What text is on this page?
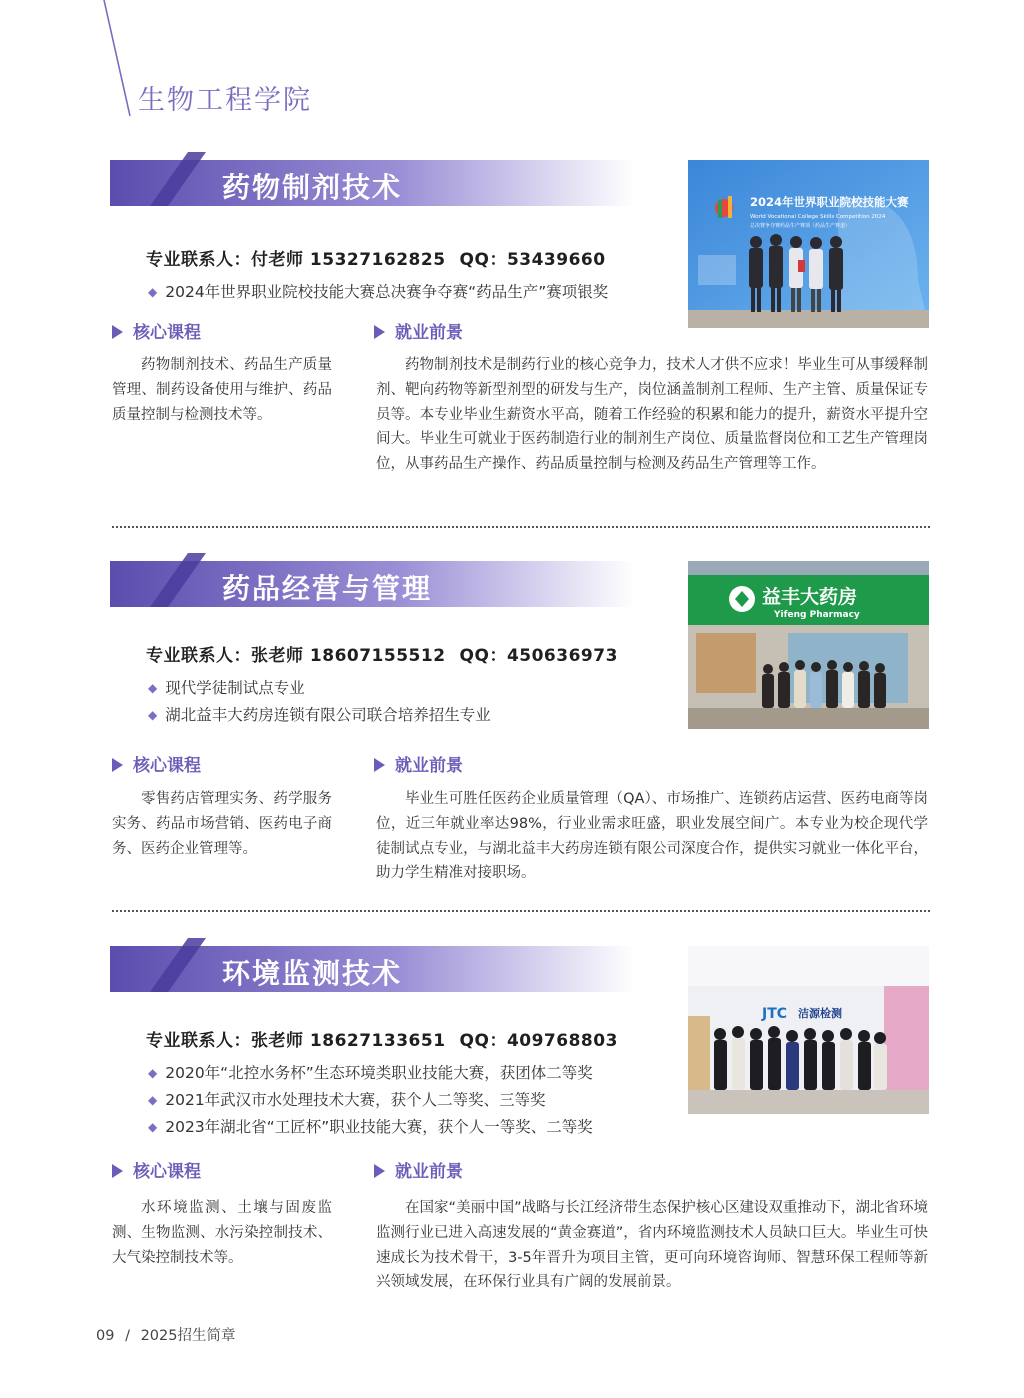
生物工程学院
药物制剂技术
专业联系人：付老师 15327162825 QQ：53439660
◆ 2024年世界职业院校技能大赛总决赛争夺赛“药品生产”赛项银奖
核心课程	就业前景

药物制剂技术、药品生产质量管理、制药设备使用与维护、药品质量控制与检测技术等。

药物制剂技术是制药行业的核心竞争力，技术人才供不应求！毕业生可从事缓释制剂、靶向药物等新型剂型的研发与生产，岗位涵盖制剂工程师、生产主管、质量保证专员等。本专业毕业生薪资水平高，随着工作经验的积累和能力的提升，薪资水平提升空间大。毕业生可就业于医药制造行业的制剂生产岗位、质量监督岗位和工艺生产管理岗位，从事药品生产操作、药品质量控制与检测及药品生产管理等工作。

2024年世界职业院校技能大赛
World Vocational College Skills Competition 2024
总决赛争夺赛药品生产赛项（药品生产赛道）
药品经营与管理
专业联系人：张老师 18607155512 QQ：450636973
◆ 现代学徒制试点专业
◆ 湖北益丰大药房连锁有限公司联合培养招生专业
核心课程	就业前景

零售药店管理实务、药学服务实务、药品市场营销、医药电子商务、医药企业管理等。

毕业生可胜任医药企业质量管理（QA）、市场推广、连锁药店运营、医药电商等岗位，近三年就业率达98%，行业业需求旺盛，职业发展空间广。本专业为校企现代学徒制试点专业，与湖北益丰大药房连锁有限公司深度合作，提供实习就业一体化平台，助力学生精准对接职场。

益丰大药房
Yifeng Pharmacy
环境监测技术
专业联系人：张老师 18627133651 QQ：409768803
◆ 2020年“北控水务杯”生态环境类职业技能大赛，获团体二等奖
◆ 2021年武汉市水处理技术大赛，获个人二等奖、三等奖
◆ 2023年湖北省“工匠杯”职业技能大赛，获个人一等奖、二等奖
核心课程	就业前景

水环境监测、土壤与固废监测、生物监测、水污染控制技术、大气染控制技术等。

在国家“美丽中国”战略与长江经济带生态保护核心区建设双重推动下，湖北省环境监测行业已进入高速发展的“黄金赛道”，省内环境监测技术人员缺口巨大。毕业生可快速成长为技术骨干，3-5年晋升为项目主管，更可向环境咨询师、智慧环保工程师等新兴领域发展，在环保行业具有广阔的发展前景。

JTC 洁源检测
09 / 2025招生简章
